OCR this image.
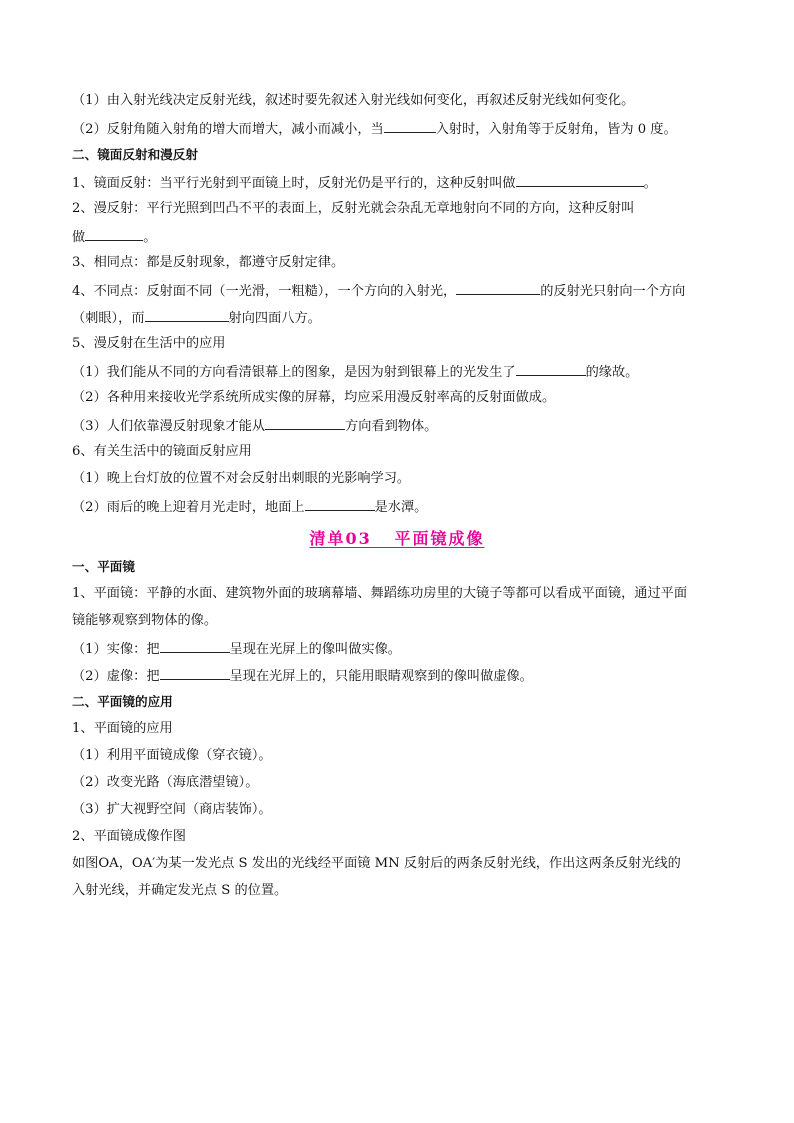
（1）由入射光线决定反射光线，叙述时要先叙述入射光线如何变化，再叙述反射光线如何变化。
（2）反射角随入射角的增大而增大，减小而减小，当	入射时，入射角等于反射角，皆为 0 度。
二、镜面反射和漫反射
1、镜面反射：当平行光射到平面镜上时，反射光仍是平行的，这种反射叫做	。
2、漫反射：平行光照到凹凸不平的表面上，反射光就会杂乱无章地射向不同的方向，这种反射叫
做	。
3、相同点：都是反射现象，都遵守反射定律。
4、不同点：反射面不同（一光滑，一粗糙），一个方向的入射光，	的反射光只射向一个方向
（刺眼），而	射向四面八方。
5、漫反射在生活中的应用
（1）我们能从不同的方向看清银幕上的图象，是因为射到银幕上的光发生了	的缘故。
（2）各种用来接收光学系统所成实像的屏幕，均应采用漫反射率高的反射面做成。
（3）人们依靠漫反射现象才能从	方向看到物体。
6、有关生活中的镜面反射应用
（1）晚上台灯放的位置不对会反射出刺眼的光影响学习。
（2）雨后的晚上迎着月光走时，地面上	是水潭。
清单03 平面镜成像
一、平面镜
1、平面镜：平静的水面、建筑物外面的玻璃幕墙、舞蹈练功房里的大镜子等都可以看成平面镜，通过平面
镜能够观察到物体的像。
（1）实像：把	呈现在光屏上的像叫做实像。
（2）虚像：把	呈现在光屏上的，只能用眼睛观察到的像叫做虚像。
二、平面镜的应用
1、平面镜的应用
（1）利用平面镜成像（穿衣镜）。
（2）改变光路（海底潜望镜）。
（3）扩大视野空间（商店装饰）。
2、平面镜成像作图
如图OA，OA′为某一发光点 S 发出的光线经平面镜 MN 反射后的两条反射光线，作出这两条反射光线的
入射光线，并确定发光点 S 的位置。
